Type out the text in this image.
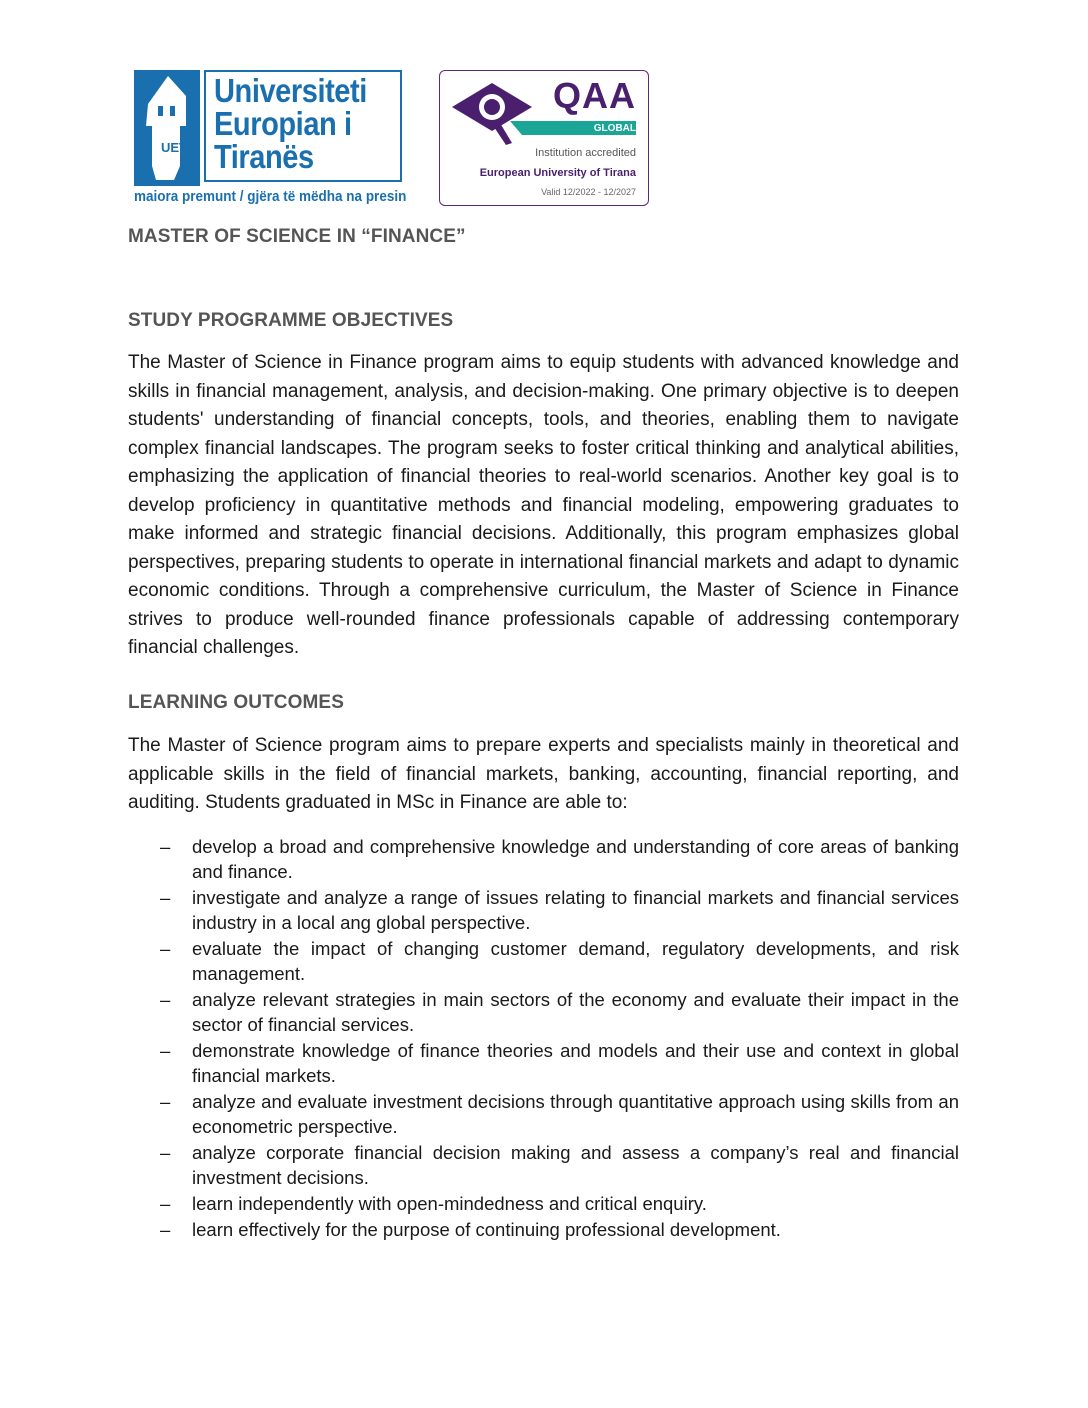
UET
Universiteti
Europian i
Tiranës
maiora premunt / gjëra të mëdha na presin
QAA
GLOBAL
Institution accredited
European University of Tirana
Valid 12/2022 - 12/2027
MASTER OF SCIENCE IN “FINANCE”
STUDY PROGRAMME OBJECTIVES
The Master of Science in Finance program aims to equip students with advanced knowledge and skills in financial management, analysis, and decision-making. One primary objective is to deepen students' understanding of financial concepts, tools, and theories, enabling them to navigate complex financial landscapes. The program seeks to foster critical thinking and analytical abilities, emphasizing the application of financial theories to real-world scenarios. Another key goal is to develop proficiency in quantitative methods and financial modeling, empowering graduates to make informed and strategic financial decisions. Additionally, this program emphasizes global perspectives, preparing students to operate in international financial markets and adapt to dynamic economic conditions. Through a comprehensive curriculum, the Master of Science in Finance strives to produce well-rounded finance professionals capable of addressing contemporary financial challenges.
LEARNING OUTCOMES
The Master of Science program aims to prepare experts and specialists mainly in theoretical and applicable skills in the field of financial markets, banking, accounting, financial reporting, and auditing. Students graduated in MSc in Finance are able to:
– develop a broad and comprehensive knowledge and understanding of core areas of banking and finance.
– investigate and analyze a range of issues relating to financial markets and financial services industry in a local ang global perspective.
– evaluate the impact of changing customer demand, regulatory developments, and risk management.
– analyze relevant strategies in main sectors of the economy and evaluate their impact in the sector of financial services.
– demonstrate knowledge of finance theories and models and their use and context in global financial markets.
– analyze and evaluate investment decisions through quantitative approach using skills from an econometric perspective.
– analyze corporate financial decision making and assess a company’s real and financial investment decisions.
– learn independently with open-mindedness and critical enquiry.
– learn effectively for the purpose of continuing professional development.
